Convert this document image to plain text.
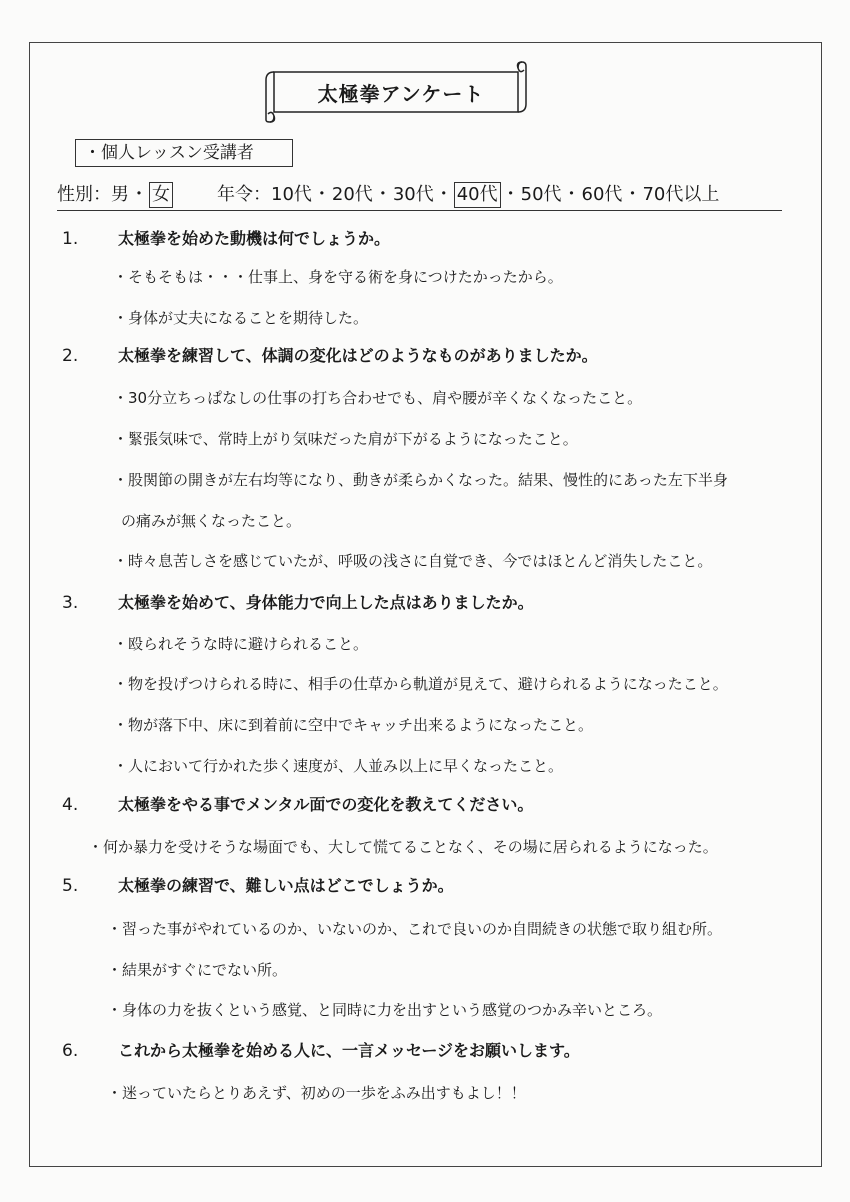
太極拳アンケート
・個人レッスン受講者
性別：男・ 女	年令：10代・20代・30代・ 40代 ・50代・60代・70代以上
1. 太極拳を始めた動機は何でしょうか。
・そもそもは・・・仕事上、身を守る術を身につけたかったから。
・身体が丈夫になることを期待した。
2. 太極拳を練習して、体調の変化はどのようなものがありましたか。
・30分立ちっぱなしの仕事の打ち合わせでも、肩や腰が辛くなくなったこと。
・緊張気味で、常時上がり気味だった肩が下がるようになったこと。
・股関節の開きが左右均等になり、動きが柔らかくなった。結果、慢性的にあった左下半身
の痛みが無くなったこと。
・時々息苦しさを感じていたが、呼吸の浅さに自覚でき、今ではほとんど消失したこと。
3. 太極拳を始めて、身体能力で向上した点はありましたか。
・殴られそうな時に避けられること。
・物を投げつけられる時に、相手の仕草から軌道が見えて、避けられるようになったこと。
・物が落下中、床に到着前に空中でキャッチ出来るようになったこと。
・人において行かれた歩く速度が、人並み以上に早くなったこと。
4. 太極拳をやる事でメンタル面での変化を教えてください。
・何か暴力を受けそうな場面でも、大して慌てることなく、その場に居られるようになった。
5. 太極拳の練習で、難しい点はどこでしょうか。
・習った事がやれているのか、いないのか、これで良いのか自問続きの状態で取り組む所。
・結果がすぐにでない所。
・身体の力を抜くという感覚、と同時に力を出すという感覚のつかみ辛いところ。
6. これから太極拳を始める人に、一言メッセージをお願いします。
・迷っていたらとりあえず、初めの一歩をふみ出すもよし！！
